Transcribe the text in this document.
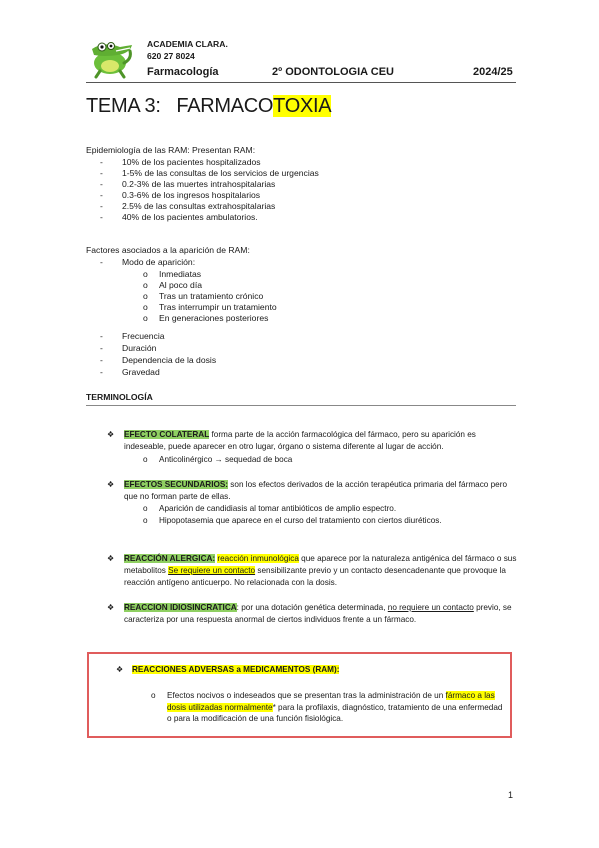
ACADEMIA CLARA.
620 27 8024
Farmacología	2º ODONTOLOGIA CEU	2024/25
TEMA 3: FARMACOTOXIA
Epidemiología de las RAM: Presentan RAM:
- 10% de los pacientes hospitalizados
- 1-5% de las consultas de los servicios de urgencias
- 0.2-3% de las muertes intrahospitalarias
- 0.3-6% de los ingresos hospitalarios
- 2.5% de las consultas extrahospitalarias
- 40% de los pacientes ambulatorios.
Factores asociados a la aparición de RAM:
- Modo de aparición:
o Inmediatas
o Al poco día
o Tras un tratamiento crónico
o Tras interrumpir un tratamiento
o En generaciones posteriores
- Frecuencia
- Duración
- Dependencia de la dosis
- Gravedad
TERMINOLOGÍA
❖ EFECTO COLATERAL forma parte de la acción farmacológica del fármaco, pero su aparición es indeseable, puede aparecer en otro lugar, órgano o sistema diferente al lugar de acción.
o Anticolinérgico → sequedad de boca
❖ EFECTOS SECUNDARIOS: son los efectos derivados de la acción terapéutica primaria del fármaco pero que no forman parte de ellas.
o Aparición de candidiasis al tomar antibióticos de amplio espectro.
o Hipopotasemia que aparece en el curso del tratamiento con ciertos diuréticos.
❖ REACCIÓN ALERGICA: reacción inmunológica que aparece por la naturaleza antigénica del fármaco o sus metabolitos Se requiere un contacto sensibilizante previo y un contacto desencadenante que provoque la reacción antígeno anticuerpo. No relacionada con la dosis.
❖ REACCION IDIOSINCRATICA: por una dotación genética determinada, no requiere un contacto previo, se caracteriza por una respuesta anormal de ciertos individuos frente a un fármaco.
❖ REACCIONES ADVERSAS a MEDICAMENTOS (RAM):
o Efectos nocivos o indeseados que se presentan tras la administración de un fármaco a las dosis utilizadas normalmente* para la profilaxis, diagnóstico, tratamiento de una enfermedad o para la modificación de una función fisiológica.
1
